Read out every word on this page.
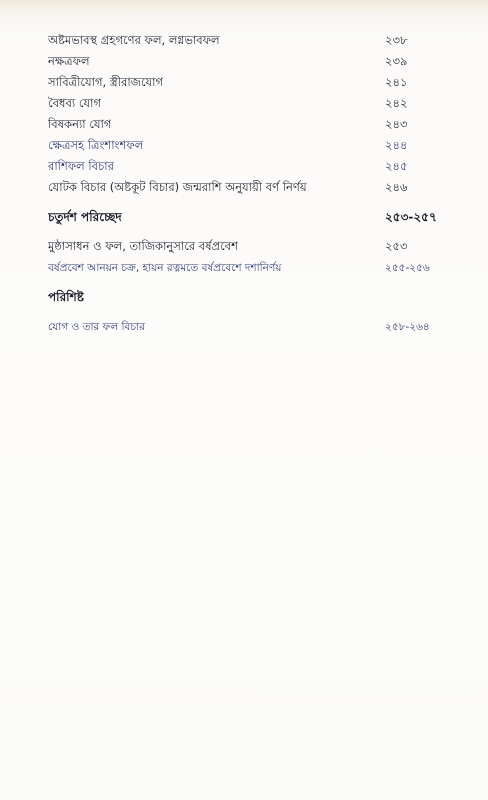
অষ্টমভাবস্থ গ্রহগণের ফল, লগ্নভাবফল	২৩৮
নক্ষত্রফল	২৩৯
সাবিত্রীযোগ, স্ত্রীরাজযোগ	২৪১
বৈধব্য যোগ	২৪২
বিষকন্যা যোগ	২৪৩
ক্ষেত্রসহ ত্রিংশাংশফল	২৪৪
রাশিফল বিচার	২৪৫
যোটক বিচার (অষ্টকূট বিচার) জন্মরাশি অনুযায়ী বর্ণ নির্ণয়	২৪৬
চতুর্দশ পরিচ্ছেদ	২৫৩-২৫৭
মুষ্ঠাসাধন ও ফল, তাজিকানুসারে বর্ষপ্রবেশ	২৫৩
বর্ষপ্রবেশ আনয়ন চক্র, হায়ন রত্নমতে বর্ষপ্রবেশে দশানির্ণয়	২৫৫-২৫৬
পরিশিষ্ট
যোগ ও তার ফল বিচার	২৫৮-২৬৪
